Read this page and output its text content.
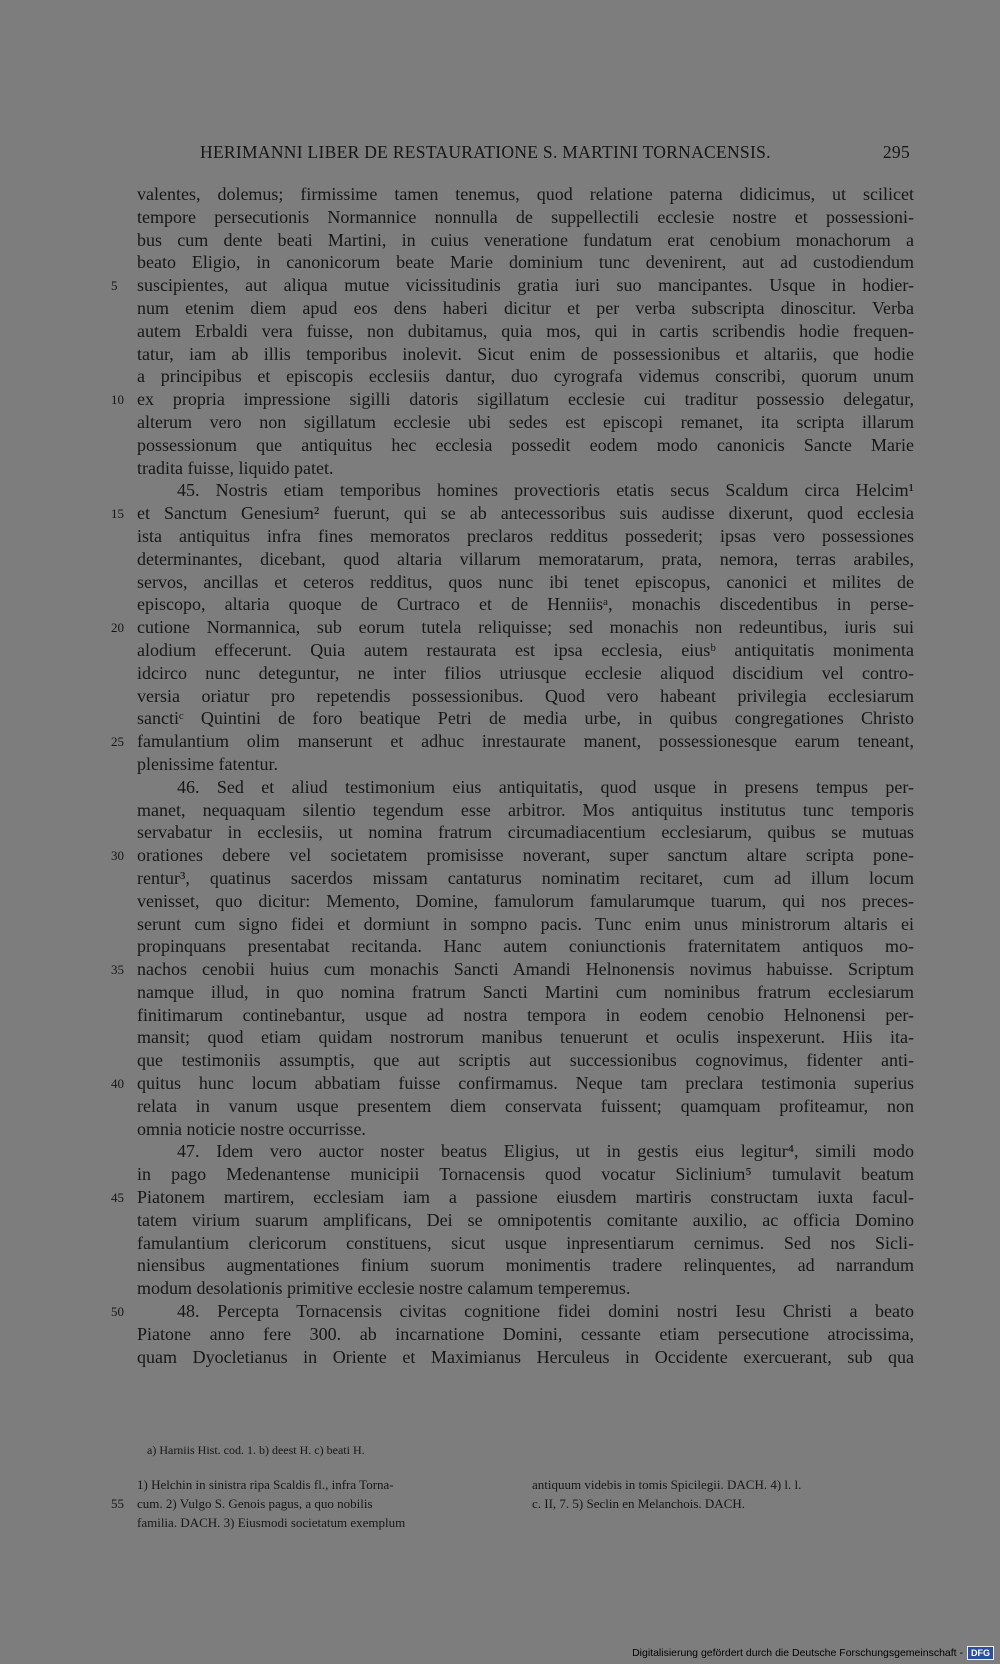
HERIMANNI LIBER DE RESTAURATIONE S. MARTINI TORNACENSIS.	295
valentes, dolemus; firmissime tamen tenemus, quod relatione paterna didicimus, ut scilicet
tempore persecutionis Normannice nonnulla de suppellectili ecclesie nostre et possessioni-
bus cum dente beati Martini, in cuius veneratione fundatum erat cenobium monachorum a
beato Eligio, in canonicorum beate Marie dominium tunc devenirent, aut ad custodiendum
5 suscipientes, aut aliqua mutue vicissitudinis gratia iuri suo mancipantes. Usque in hodier-
num etenim diem apud eos dens haberi dicitur et per verba subscripta dinoscitur. Verba
autem Erbaldi vera fuisse, non dubitamus, quia mos, qui in cartis scribendis hodie frequen-
tatur, iam ab illis temporibus inolevit. Sicut enim de possessionibus et altariis, que hodie
a principibus et episcopis ecclesiis dantur, duo cyrografa videmus conscribi, quorum unum
10 ex propria impressione sigilli datoris sigillatum ecclesie cui traditur possessio delegatur,
alterum vero non sigillatum ecclesie ubi sedes est episcopi remanet, ita scripta illarum
possessionum que antiquitus hec ecclesia possedit eodem modo canonicis Sancte Marie
tradita fuisse, liquido patet.
45. Nostris etiam temporibus homines provectioris etatis secus Scaldum circa Helcim¹
15 et Sanctum Genesium² fuerunt, qui se ab antecessoribus suis audisse dixerunt, quod ecclesia
ista antiquitus infra fines memoratos preclaros redditus possederit; ipsas vero possessiones
determinantes, dicebant, quod altaria villarum memoratarum, prata, nemora, terras arabiles,
servos, ancillas et ceteros redditus, quos nunc ibi tenet episcopus, canonici et milites de
episcopo, altaria quoque de Curtraco et de Henniisᵃ, monachis discedentibus in perse-
20 cutione Normannica, sub eorum tutela reliquisse; sed monachis non redeuntibus, iuris sui
alodium effecerunt. Quia autem restaurata est ipsa ecclesia, eiusᵇ antiquitatis monimenta
idcirco nunc deteguntur, ne inter filios utriusque ecclesie aliquod discidium vel contro-
versia oriatur pro repetendis possessionibus. Quod vero habeant privilegia ecclesiarum
sanctiᶜ Quintini de foro beatique Petri de media urbe, in quibus congregationes Christo
25 famulantium olim manserunt et adhuc inrestaurate manent, possessionesque earum teneant,
plenissime fatentur.
46. Sed et aliud testimonium eius antiquitatis, quod usque in presens tempus per-
manet, nequaquam silentio tegendum esse arbitror. Mos antiquitus institutus tunc temporis
servabatur in ecclesiis, ut nomina fratrum circumadiacentium ecclesiarum, quibus se mutuas
30 orationes debere vel societatem promisisse noverant, super sanctum altare scripta pone-
rentur³, quatinus sacerdos missam cantaturus nominatim recitaret, cum ad illum locum
venisset, quo dicitur: Memento, Domine, famulorum famularumque tuarum, qui nos preces-
serunt cum signo fidei et dormiunt in sompno pacis. Tunc enim unus ministrorum altaris ei
propinquans presentabat recitanda. Hanc autem coniunctionis fraternitatem antiquos mo-
35 nachos cenobii huius cum monachis Sancti Amandi Helnonensis novimus habuisse. Scriptum
namque illud, in quo nomina fratrum Sancti Martini cum nominibus fratrum ecclesiarum
finitimarum continebantur, usque ad nostra tempora in eodem cenobio Helnonensi per-
mansit; quod etiam quidam nostrorum manibus tenuerunt et oculis inspexerunt. Hiis ita-
que testimoniis assumptis, que aut scriptis aut successionibus cognovimus, fidenter anti-
40 quitus hunc locum abbatiam fuisse confirmamus. Neque tam preclara testimonia superius
relata in vanum usque presentem diem conservata fuissent; quamquam profiteamur, non
omnia noticie nostre occurrisse.
47. Idem vero auctor noster beatus Eligius, ut in gestis eius legitur⁴, simili modo
in pago Medenantense municipii Tornacensis quod vocatur Siclinium⁵ tumulavit beatum
45 Piatonem martirem, ecclesiam iam a passione eiusdem martiris constructam iuxta facul-
tatem virium suarum amplificans, Dei se omnipotentis comitante auxilio, ac officia Domino
famulantium clericorum constituens, sicut usque inpresentiarum cernimus. Sed nos Sicli-
niensibus augmentationes finium suorum monimentis tradere relinquentes, ad narrandum
modum desolationis primitive ecclesie nostre calamum temperemus.
50	48. Percepta Tornacensis civitas cognitione fidei domini nostri Iesu Christi a beato
Piatone anno fere 300. ab incarnatione Domini, cessante etiam persecutione atrocissima,
quam Dyocletianus in Oriente et Maximianus Herculeus in Occidente exercuerant, sub qua
a) Harniis Hist. cod. 1. b) deest H. c) beati H.
1) Helchin in sinistra ripa Scaldis fl., infra Torna-
55 cum. 2) Vulgo S. Genois pagus, a quo nobilis
familia. DACH. 3) Eiusmodi societatum exemplum
antiquum videbis in tomis Spicilegii. DACH. 4) l. l.
c. II, 7. 5) Seclin en Melanchois. DACH.
Digitalisierung gefördert durch die Deutsche Forschungsgemeinschaft - DFG
